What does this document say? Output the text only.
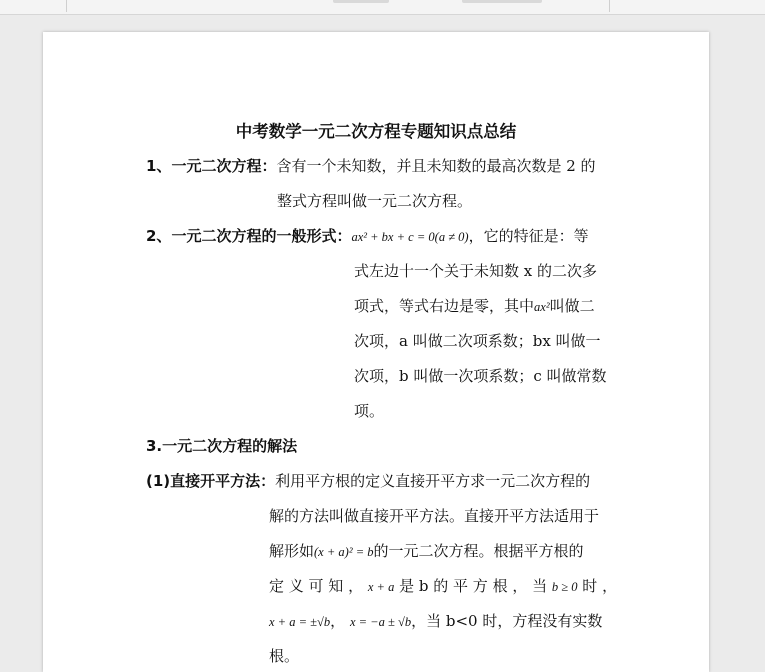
中考数学一元二次方程专题知识点总结
1、一元二次方程：含有一个未知数，并且未知数的最高次数是 2 的
整式方程叫做一元二次方程。
2、一元二次方程的一般形式：ax² + bx + c = 0(a ≠ 0)，它的特征是：等
式左边十一个关于未知数 x 的二次多
项式，等式右边是零，其中ax²叫做二
次项，a 叫做二次项系数；bx 叫做一
次项，b 叫做一次项系数；c 叫做常数
项。
3.一元二次方程的解法
(1)直接开平方法：利用平方根的定义直接开平方求一元二次方程的
解的方法叫做直接开平方法。直接开平方法适用于
解形如(x + a)² = b的一元二次方程。根据平方根的
定 义 可 知 ， x + a 是 b 的 平 方 根 ， 当 b ≥ 0 时 ，
x + a = ±√b， x = −a ± √b，当 b<0 时，方程没有实数
根。
